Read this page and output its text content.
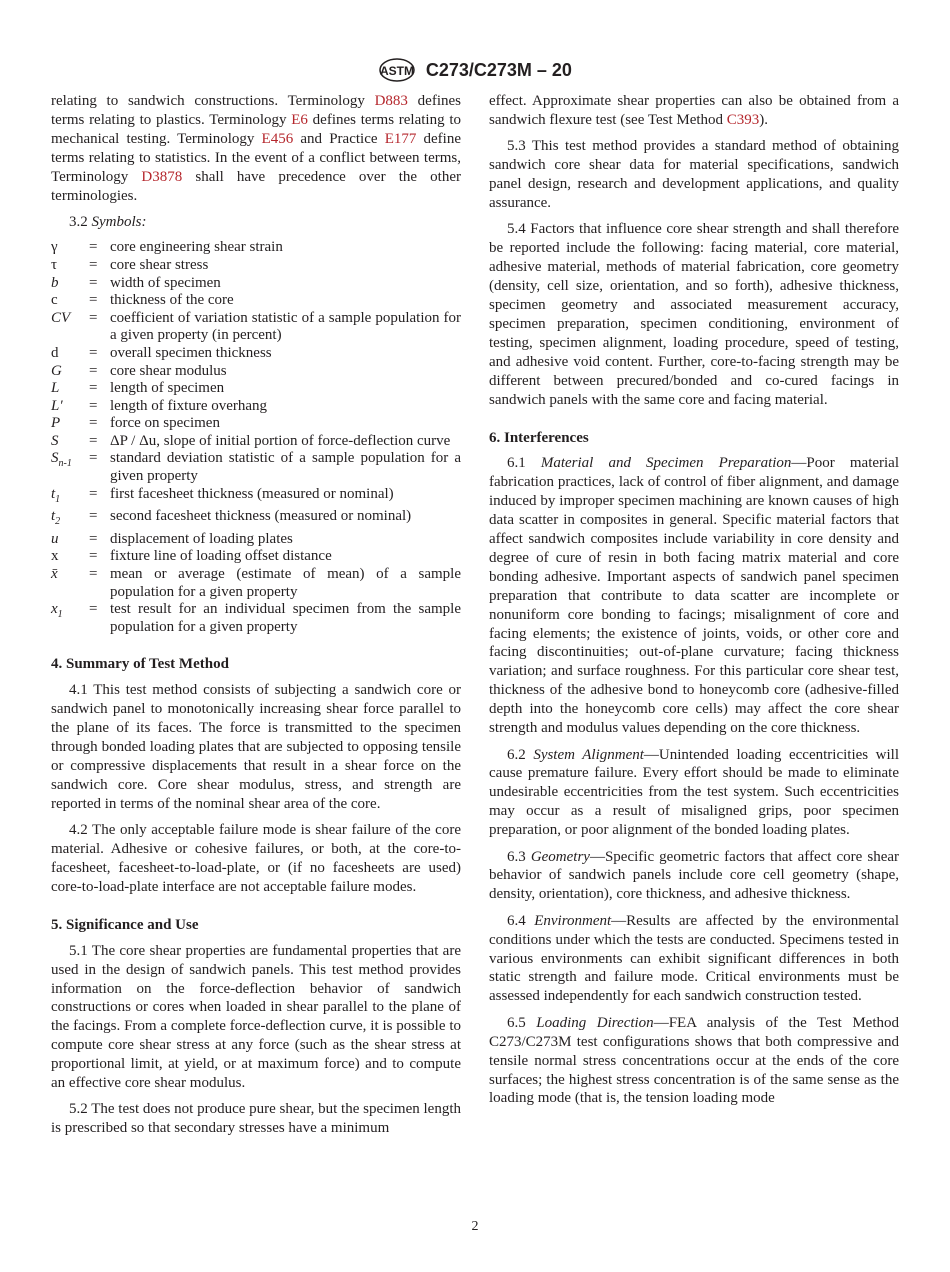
ASTM C273/C273M – 20

relating to sandwich constructions. Terminology D883 defines terms relating to plastics. Terminology E6 defines terms relating to mechanical testing. Terminology E456 and Practice E177 define terms relating to statistics. In the event of a conflict between terms, Terminology D3878 shall have precedence over the other terminologies.

3.2 Symbols:

γ	=	core engineering shear strain
τ	=	core shear stress
b	=	width of specimen
c	=	thickness of the core
CV	=	coefficient of variation statistic of a sample population for a given property (in percent)
d	=	overall specimen thickness
G	=	core shear modulus
L	=	length of specimen
L′	=	length of fixture overhang
P	=	force on specimen
S	=	ΔP / Δu, slope of initial portion of force-deflection curve
$S_{n-1}$	=	standard deviation statistic of a sample population for a given property
$t_1$	=	first facesheet thickness (measured or nominal)
$t_2$	=	second facesheet thickness (measured or nominal)
u	=	displacement of loading plates
x	=	fixture line of loading offset distance
x̄	=	mean or average (estimate of mean) of a sample population for a given property
$x_1$	=	test result for an individual specimen from the sample population for a given property
4. Summary of Test Method

4.1 This test method consists of subjecting a sandwich core or sandwich panel to monotonically increasing shear force parallel to the plane of its faces. The force is transmitted to the specimen through bonded loading plates that are subjected to opposing tensile or compressive displacements that result in a shear force on the sandwich core. Core shear modulus, stress, and strength are reported in terms of the nominal shear area of the core.

4.2 The only acceptable failure mode is shear failure of the core material. Adhesive or cohesive failures, or both, at the core-to-facesheet, facesheet-to-load-plate, or (if no facesheets are used) core-to-load-plate interface are not acceptable failure modes.

5. Significance and Use

5.1 The core shear properties are fundamental properties that are used in the design of sandwich panels. This test method provides information on the force-deflection behavior of sandwich constructions or cores when loaded in shear parallel to the plane of the facings. From a complete force-deflection curve, it is possible to compute core shear stress at any force (such as the shear stress at proportional limit, at yield, or at maximum force) and to compute an effective core shear modulus.

5.2 The test does not produce pure shear, but the specimen length is prescribed so that secondary stresses have a minimum

effect. Approximate shear properties can also be obtained from a sandwich flexure test (see Test Method C393).

5.3 This test method provides a standard method of obtaining sandwich core shear data for material specifications, sandwich panel design, research and development applications, and quality assurance.

5.4 Factors that influence core shear strength and shall therefore be reported include the following: facing material, core material, adhesive material, methods of material fabrication, core geometry (density, cell size, orientation, and so forth), adhesive thickness, specimen geometry and associated measurement accuracy, specimen preparation, specimen conditioning, environment of testing, specimen alignment, loading procedure, speed of testing, and adhesive void content. Further, core-to-facing strength may be different between precured/bonded and co-cured facings in sandwich panels with the same core and facing material.

6. Interferences

6.1 Material and Specimen Preparation—Poor material fabrication practices, lack of control of fiber alignment, and damage induced by improper specimen machining are known causes of high data scatter in composites in general. Specific material factors that affect sandwich composites include variability in core density and degree of cure of resin in both facing matrix material and core bonding adhesive. Important aspects of sandwich panel specimen preparation that contribute to data scatter are incomplete or nonuniform core bonding to facings; misalignment of core and facing elements; the existence of joints, voids, or other core and facing discontinuities; out-of-plane curvature; facing thickness variation; and surface roughness. For this particular core shear test, thickness of the adhesive bond to honeycomb core (adhesive-filled depth into the honeycomb core cells) may affect the core shear strength and modulus values depending on the core thickness.

6.2 System Alignment—Unintended loading eccentricities will cause premature failure. Every effort should be made to eliminate undesirable eccentricities from the test system. Such eccentricities may occur as a result of misaligned grips, poor specimen preparation, or poor alignment of the bonded loading plates.

6.3 Geometry—Specific geometric factors that affect core shear behavior of sandwich panels include core cell geometry (shape, density, orientation), core thickness, and adhesive thickness.

6.4 Environment—Results are affected by the environmental conditions under which the tests are conducted. Specimens tested in various environments can exhibit significant differences in both static strength and failure mode. Critical environments must be assessed independently for each sandwich construction tested.

6.5 Loading Direction—FEA analysis of the Test Method C273/C273M test configurations shows that both compressive and tensile normal stress concentrations occur at the ends of the core surfaces; the highest stress concentration is of the same sense as the loading mode (that is, the tension loading mode

2
